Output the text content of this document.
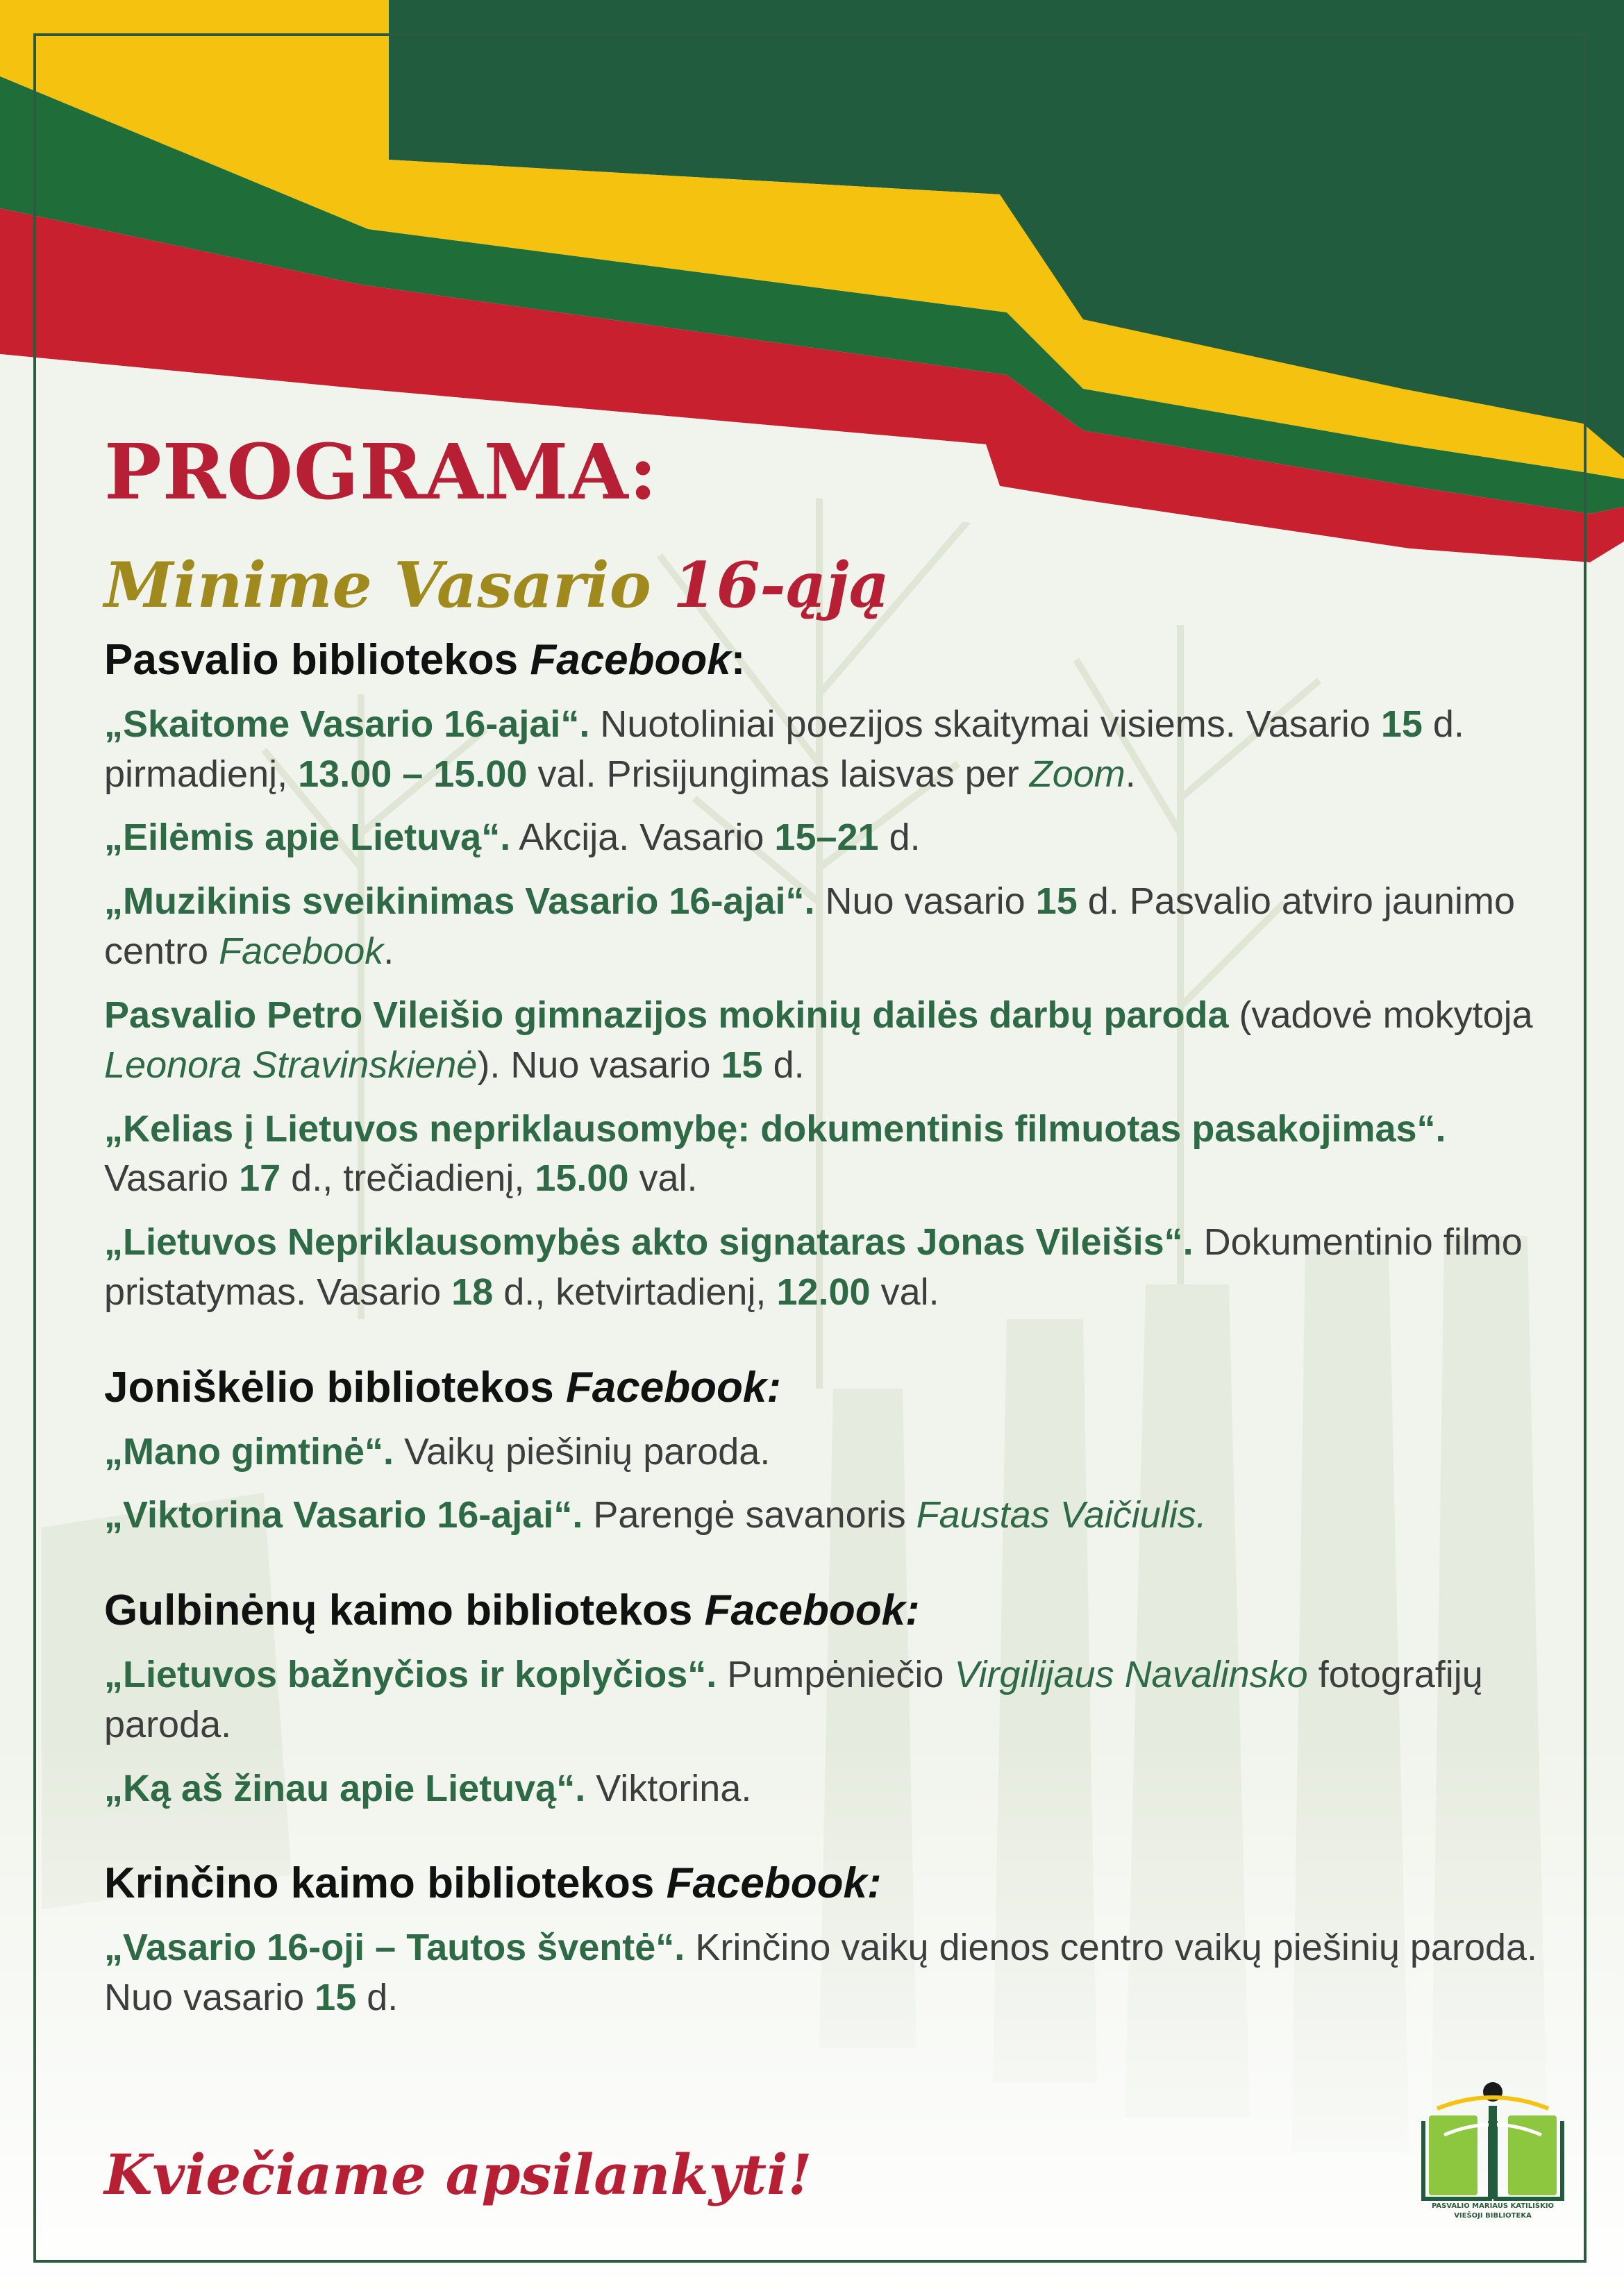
PROGRAMA:
Minime Vasario 16-ąją
Pasvalio bibliotekos Facebook:

„Skaitome Vasario 16-ajai“. Nuotoliniai poezijos skaitymai visiems. Vasario 15 d. pirmadienį, 13.00 – 15.00 val. Prisijungimas laisvas per Zoom.

„Eilėmis apie Lietuvą“. Akcija. Vasario 15–21 d.

„Muzikinis sveikinimas Vasario 16-ajai“. Nuo vasario 15 d. Pasvalio atviro jaunimo centro Facebook.

Pasvalio Petro Vileišio gimnazijos mokinių dailės darbų paroda (vadovė mokytoja Leonora Stravinskienė). Nuo vasario 15 d.

„Kelias į Lietuvos nepriklausomybę: dokumentinis filmuotas pasakojimas“. Vasario 17 d., trečiadienį, 15.00 val.

„Lietuvos Nepriklausomybės akto signataras Jonas Vileišis“. Dokumentinio filmo pristatymas. Vasario 18 d., ketvirtadienį, 12.00 val.

Joniškėlio bibliotekos Facebook:

„Mano gimtinė“. Vaikų piešinių paroda.

„Viktorina Vasario 16-ajai“. Parengė savanoris Faustas Vaičiulis.

Gulbinėnų kaimo bibliotekos Facebook:

„Lietuvos bažnyčios ir koplyčios“. Pumpėniečio Virgilijaus Navalinsko fotografijų paroda.

„Ką aš žinau apie Lietuvą“. Viktorina.

Krinčino kaimo bibliotekos Facebook:

„Vasario 16-oji – Tautos šventė“. Krinčino vaikų dienos centro vaikų piešinių paroda. Nuo vasario 15 d.

Kviečiame apsilankyti!	PASVALIO MARIAUS KATILIŠKIO

VIEŠOJI BIBLIOTEKA
